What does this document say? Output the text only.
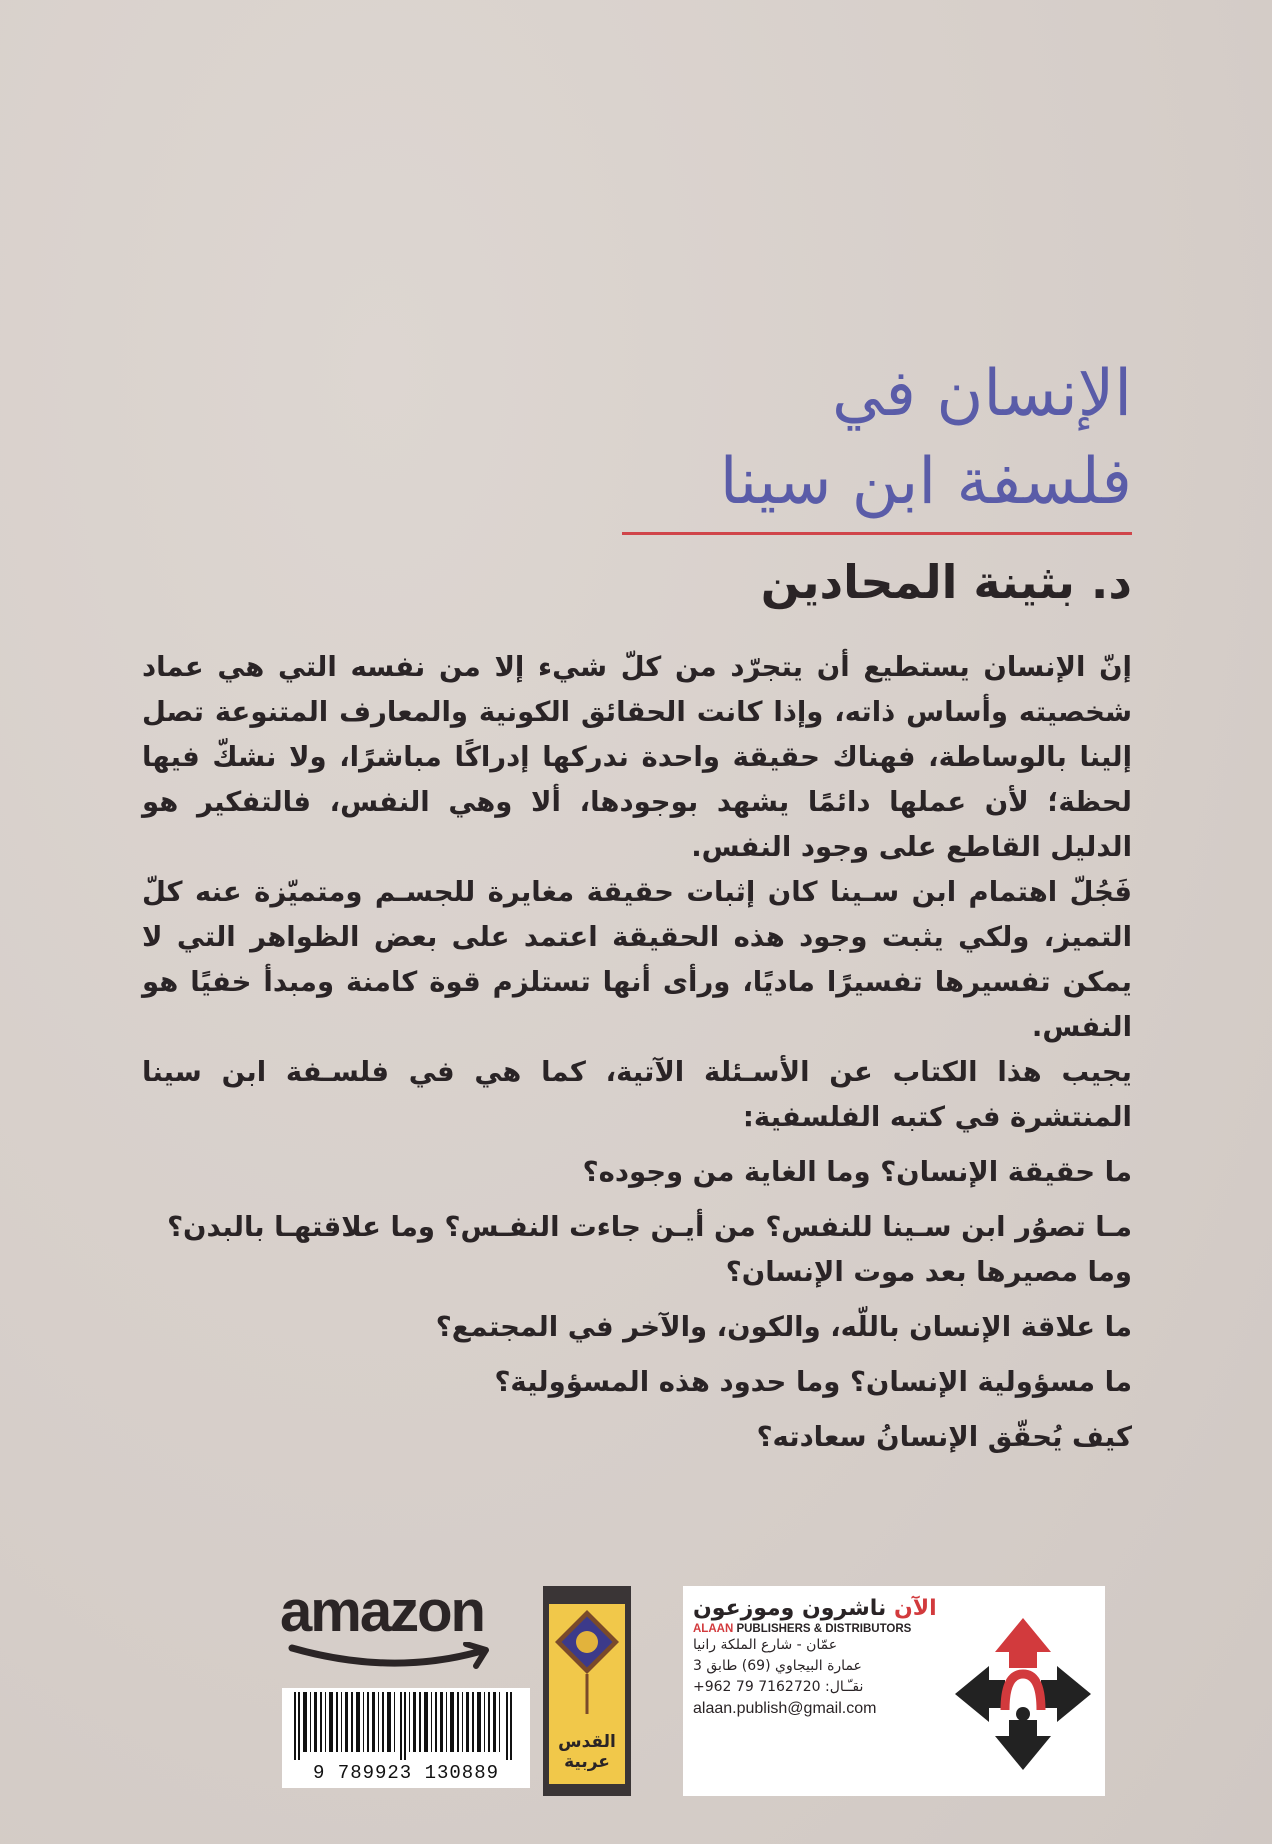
الإنسان في
فلسفة ابن سينا
د. بثينة المحادين

إنّ الإنسان يستطيع أن يتجرّد من كلّ شيء إلا من نفسه التي هي عماد شخصيته وأساس ذاته، وإذا كانت الحقائق الكونية والمعارف المتنوعة تصل إلينا بالوساطة، فهناك حقيقة واحدة ندركها إدراكًا مباشرًا، ولا نشكّ فيها لحظة؛ لأن عملها دائمًا يشهد بوجودها، ألا وهي النفس، فالتفكير هو الدليل القاطع على وجود النفس.

فَجُلّ اهتمام ابن سـينا كان إثبات حقيقة مغايرة للجسـم ومتميّزة عنه كلّ التميز، ولكي يثبت وجود هذه الحقيقة اعتمد على بعض الظواهر التي لا يمكن تفسيرها تفسيرًا ماديًا، ورأى أنها تستلزم قوة كامنة ومبدأ خفيًا هو النفس.

يجيب هذا الكتاب عن الأسـئلة الآتية، كما هي في فلسـفة ابن سينا المنتشرة في كتبه الفلسفية:

ما حقيقة الإنسان؟ وما الغاية من وجوده؟

مـا تصوُر ابن سـينا للنفس؟ من أيـن جاءت النفـس؟ وما علاقتهـا بالبدن؟ وما مصيرها بعد موت الإنسان؟

ما علاقة الإنسان باللّه، والكون، والآخر في المجتمع؟

ما مسؤولية الإنسان؟ وما حدود هذه المسؤولية؟

كيف يُحقّق الإنسانُ سعادته؟

amazon
9 789923 130889
القدس
عربية
الآن ناشرون وموزعون
ALAAN PUBLISHERS & DISTRIBUTORS
عمّان - شارع الملكة رانيا
عمارة البيجاوي (69) طابق 3
نقـّـال: 7162720 79 962+
alaan.publish@gmail.com
